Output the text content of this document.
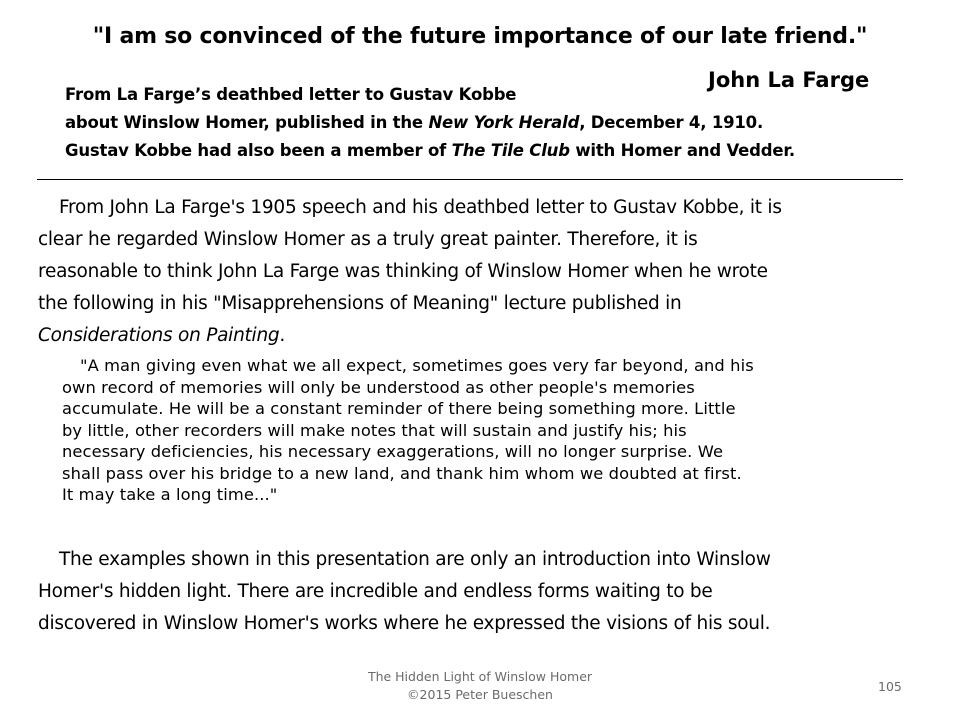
"I am so convinced of the future importance of our late friend."
John La Farge
From La Farge’s deathbed letter to Gustav Kobbe
about Winslow Homer, published in the New York Herald, December 4, 1910.
Gustav Kobbe had also been a member of The Tile Club with Homer and Vedder.
From John La Farge's 1905 speech and his deathbed letter to Gustav Kobbe, it is
clear he regarded Winslow Homer as a truly great painter. Therefore, it is
reasonable to think John La Farge was thinking of Winslow Homer when he wrote
the following in his "Misapprehensions of Meaning" lecture published in
Considerations on Painting.
"A man giving even what we all expect, sometimes goes very far beyond, and his
own record of memories will only be understood as other people's memories
accumulate. He will be a constant reminder of there being something more. Little
by little, other recorders will make notes that will sustain and justify his; his
necessary deficiencies, his necessary exaggerations, will no longer surprise. We
shall pass over his bridge to a new land, and thank him whom we doubted at first.
It may take a long time..."
The examples shown in this presentation are only an introduction into Winslow
Homer's hidden light. There are incredible and endless forms waiting to be
discovered in Winslow Homer's works where he expressed the visions of his soul.
The Hidden Light of Winslow Homer
©2015 Peter Bueschen
105
